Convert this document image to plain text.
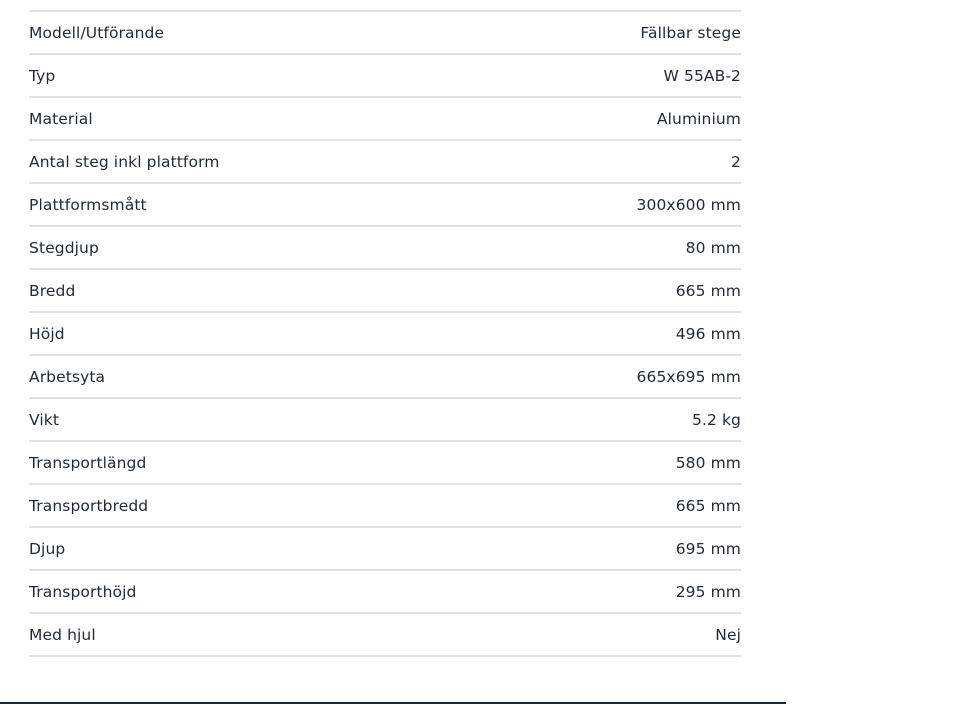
Modell/Utförande	Fällbar stege
Typ	W 55AB-2
Material	Aluminium
Antal steg inkl plattform	2
Plattformsmått	300x600 mm
Stegdjup	80 mm
Bredd	665 mm
Höjd	496 mm
Arbetsyta	665x695 mm
Vikt	5.2 kg
Transportlängd	580 mm
Transportbredd	665 mm
Djup	695 mm
Transporthöjd	295 mm
Med hjul	Nej
